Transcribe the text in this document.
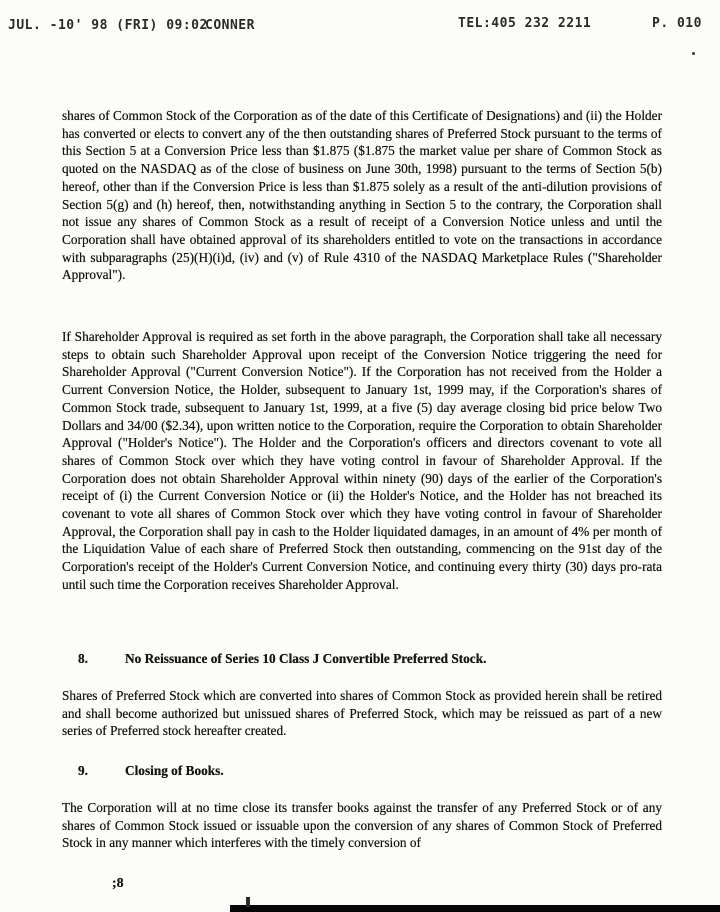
JUL. -10' 98 (FRI) 09:02
CONNER	TEL:405 232 2211	P. 010
shares of Common Stock of the Corporation as of the date of this Certificate of Designations) and (ii) the Holder has converted or elects to convert any of the then outstanding shares of Preferred Stock pursuant to the terms of this Section 5 at a Conversion Price less than $1.875 ($1.875 the market value per share of Common Stock as quoted on the NASDAQ as of the close of business on June 30th, 1998) pursuant to the terms of Section 5(b) hereof, other than if the Conversion Price is less than $1.875 solely as a result of the anti-dilution provisions of Section 5(g) and (h) hereof, then, notwithstanding anything in Section 5 to the contrary, the Corporation shall not issue any shares of Common Stock as a result of receipt of a Conversion Notice unless and until the Corporation shall have obtained approval of its shareholders entitled to vote on the transactions in accordance with subparagraphs (25)(H)(i)d, (iv) and (v) of Rule 4310 of the NASDAQ Marketplace Rules ("Shareholder Approval").
If Shareholder Approval is required as set forth in the above paragraph, the Corporation shall take all necessary steps to obtain such Shareholder Approval upon receipt of the Conversion Notice triggering the need for Shareholder Approval ("Current Conversion Notice"). If the Corporation has not received from the Holder a Current Conversion Notice, the Holder, subsequent to January 1st, 1999 may, if the Corporation's shares of Common Stock trade, subsequent to January 1st, 1999, at a five (5) day average closing bid price below Two Dollars and 34/00 ($2.34), upon written notice to the Corporation, require the Corporation to obtain Shareholder Approval ("Holder's Notice"). The Holder and the Corporation's officers and directors covenant to vote all shares of Common Stock over which they have voting control in favour of Shareholder Approval. If the Corporation does not obtain Shareholder Approval within ninety (90) days of the earlier of the Corporation's receipt of (i) the Current Conversion Notice or (ii) the Holder's Notice, and the Holder has not breached its covenant to vote all shares of Common Stock over which they have voting control in favour of Shareholder Approval, the Corporation shall pay in cash to the Holder liquidated damages, in an amount of 4% per month of the Liquidation Value of each share of Preferred Stock then outstanding, commencing on the 91st day of the Corporation's receipt of the Holder's Current Conversion Notice, and continuing every thirty (30) days pro-rata until such time the Corporation receives Shareholder Approval.
8.	No Reissuance of Series 10 Class J Convertible Preferred Stock.
Shares of Preferred Stock which are converted into shares of Common Stock as provided herein shall be retired and shall become authorized but unissued shares of Preferred Stock, which may be reissued as part of a new series of Preferred stock hereafter created.
9.	Closing of Books.
The Corporation will at no time close its transfer books against the transfer of any Preferred Stock or of any shares of Common Stock issued or issuable upon the conversion of any shares of Common Stock of Preferred Stock in any manner which interferes with the timely conversion of
;8
